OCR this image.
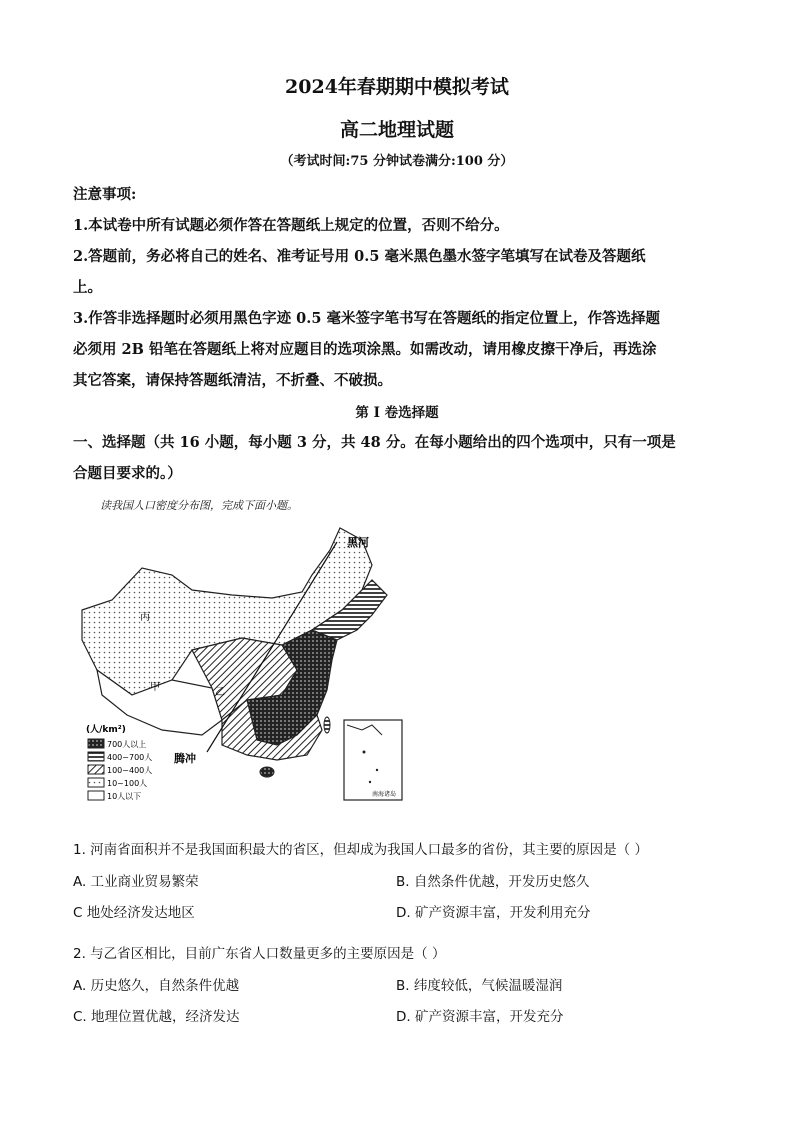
2024年春期期中模拟考试
高二地理试题
（考试时间:75 分钟试卷满分:100 分）
注意事项:
1.本试卷中所有试题必须作答在答题纸上规定的位置，否则不给分。
2.答题前，务必将自己的姓名、准考证号用 0.5 毫米黑色墨水签字笔填写在试卷及答题纸
上。
3.作答非选择题时必须用黑色字迹 0.5 毫米签字笔书写在答题纸的指定位置上，作答选择题
必须用 2B 铅笔在答题纸上将对应题目的选项涂黑。如需改动，请用橡皮擦干净后，再选涂
其它答案，请保持答题纸清洁，不折叠、不破损。
第 I 卷选择题
一、选择题（共 16 小题，每小题 3 分，共 48 分。在每小题给出的四个选项中，只有一项是
合题目要求的。）
读我国人口密度分布图，完成下面小题。
黑河
腾冲
丙
甲	乙
南海诸岛
(人/km²)
700人以上
400~700人
100~400人
10~100人
10人以下
1. 河南省面积并不是我国面积最大的省区，但却成为我国人口最多的省份，其主要的原因是（ ）
A. 工业商业贸易繁荣	B. 自然条件优越，开发历史悠久
C 地处经济发达地区	D. 矿产资源丰富，开发利用充分
2. 与乙省区相比，目前广东省人口数量更多的主要原因是（ ）
A. 历史悠久，自然条件优越	B. 纬度较低，气候温暖湿润
C. 地理位置优越，经济发达	D. 矿产资源丰富，开发充分
